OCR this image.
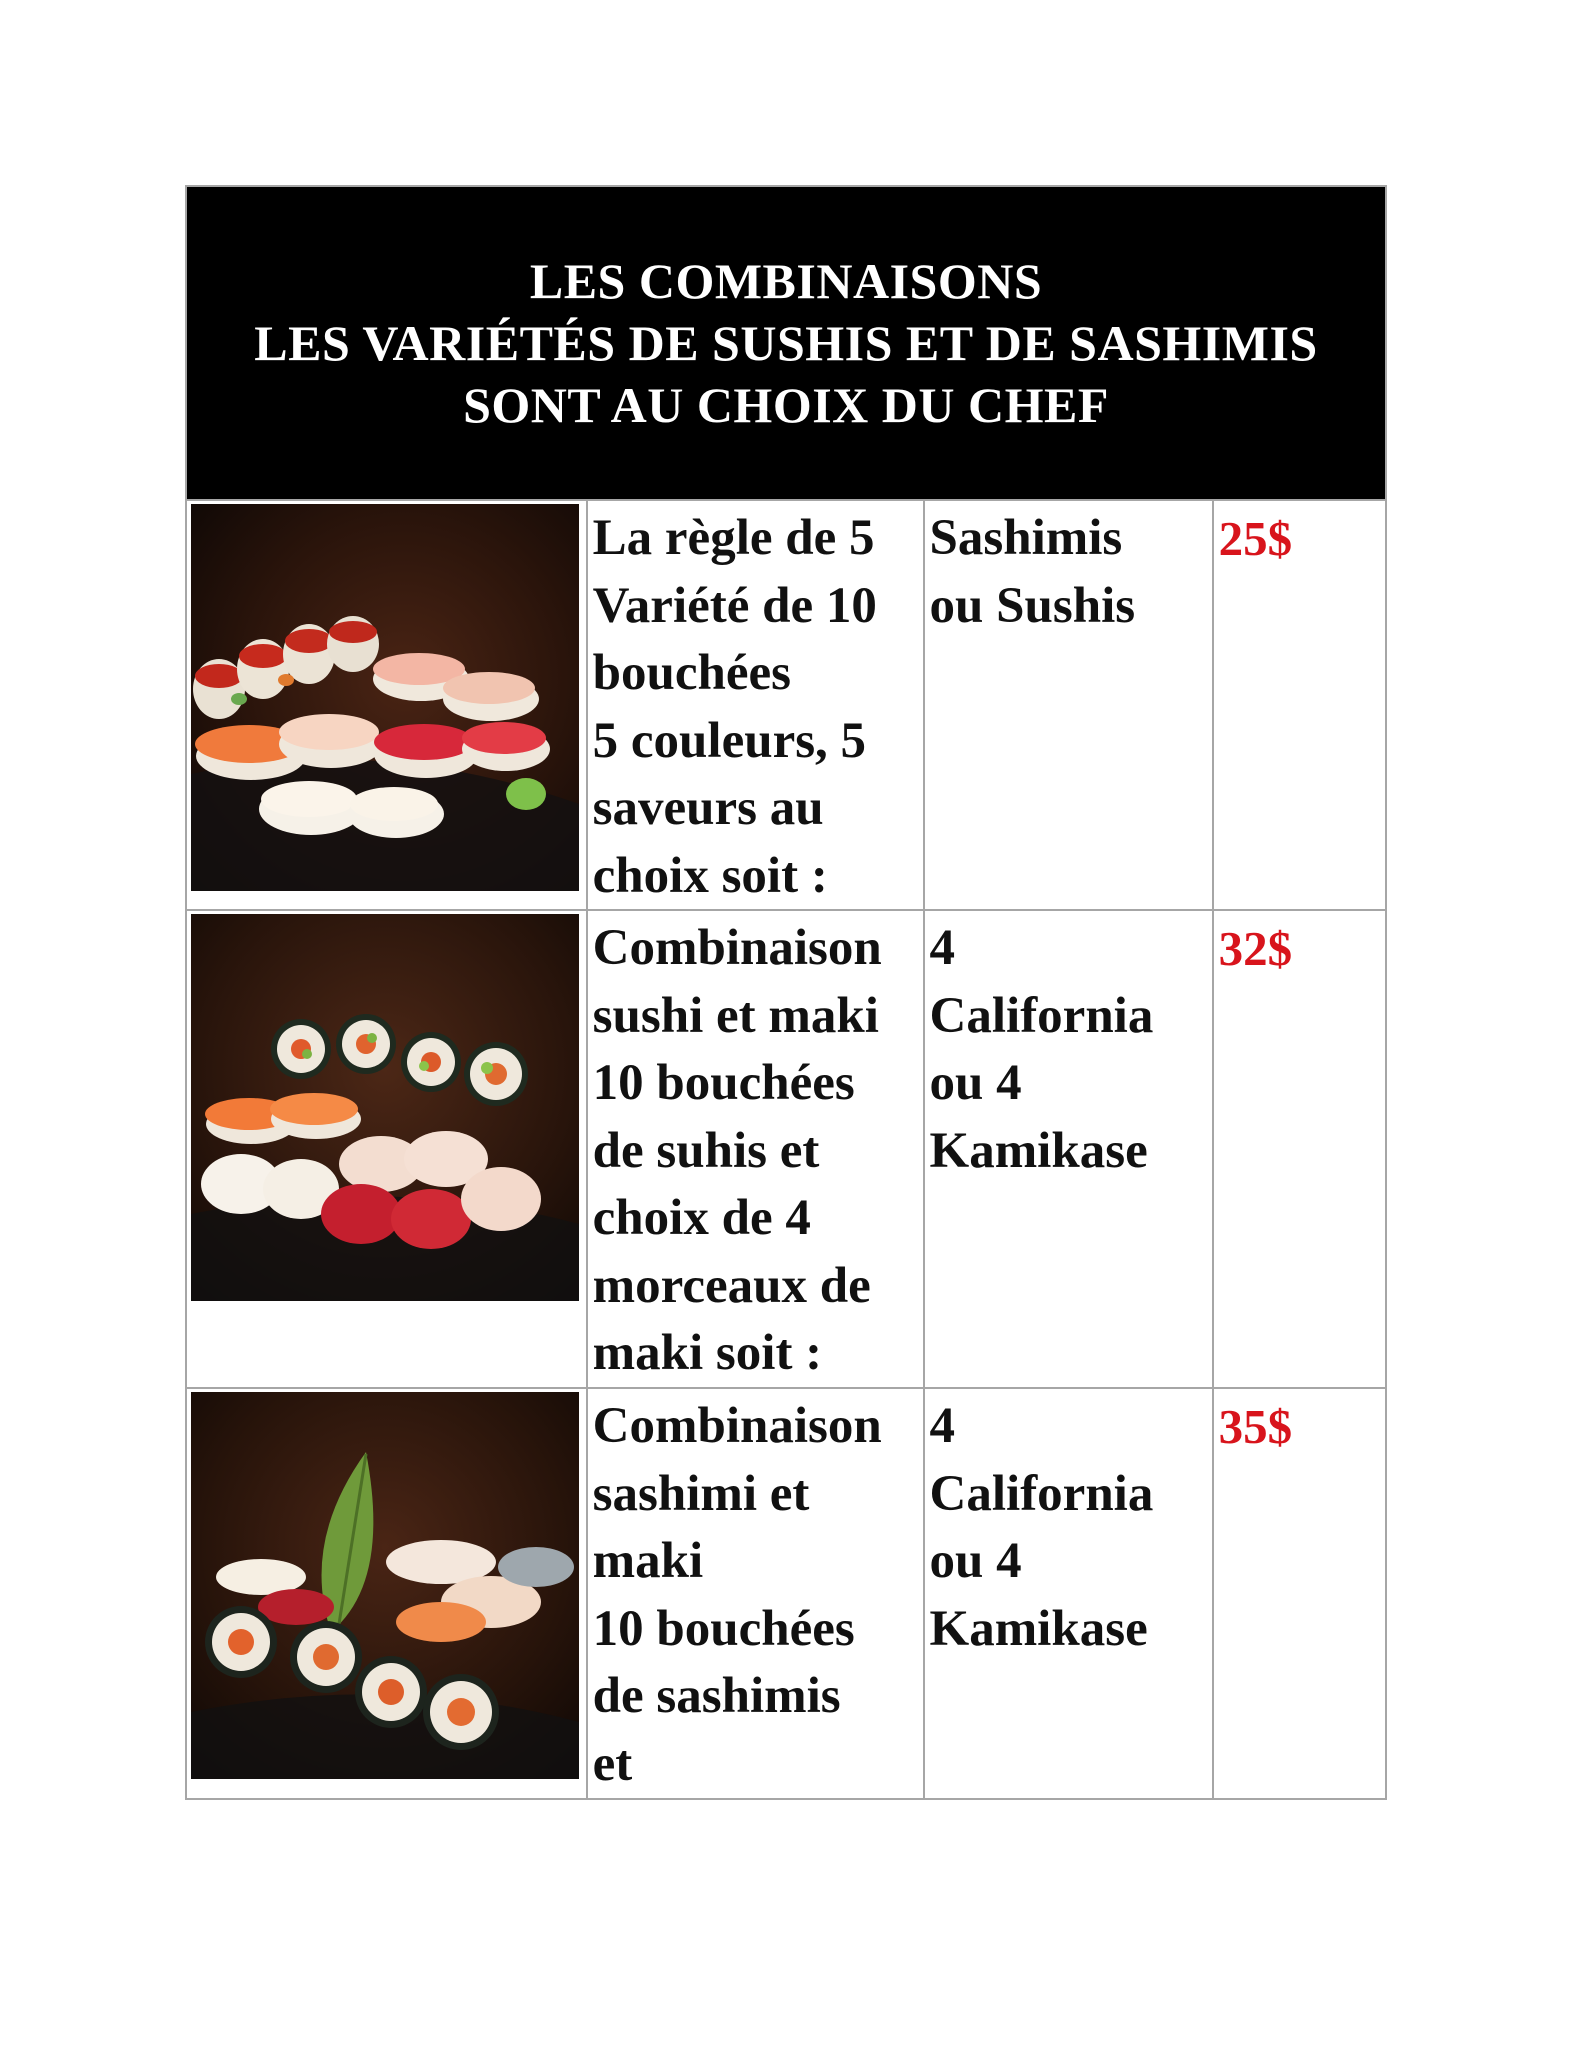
LES COMBINAISONS
LES VARIÉTÉS DE SUSHIS ET DE SASHIMIS
SONT AU CHOIX DU CHEF
La règle de 5
Variété de 10
bouchées
5 couleurs, 5
saveurs au
choix soit :
Sashimis
ou Sushis
25$
Combinaison
sushi et maki
10 bouchées
de suhis et
choix de 4
morceaux de
maki soit :
4
California
ou 4
Kamikase
32$
Combinaison
sashimi et
maki
10 bouchées
de sashimis
et
4
California
ou 4
Kamikase
35$
